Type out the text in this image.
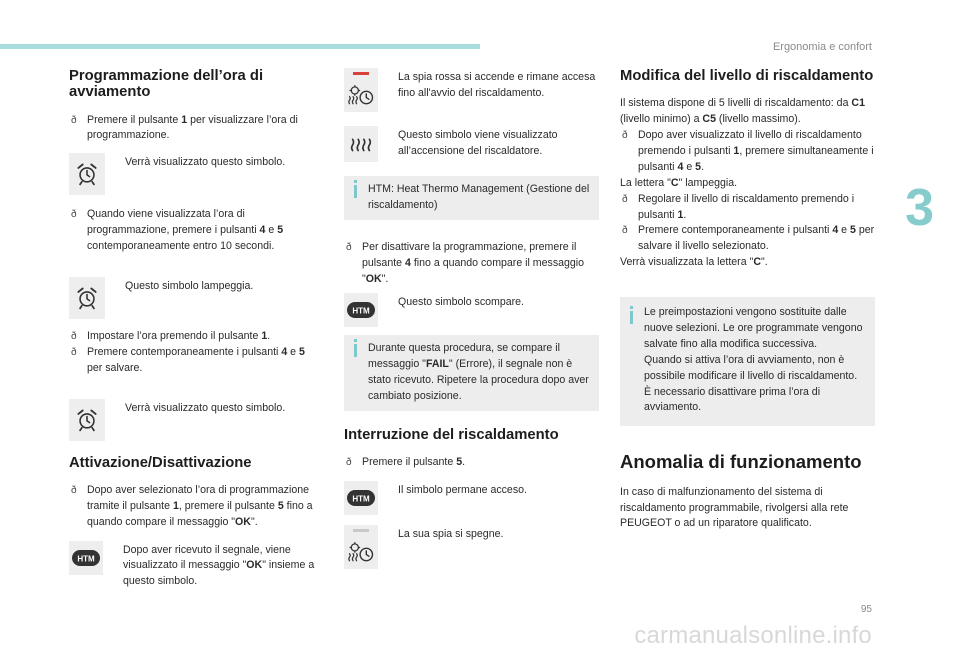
Ergonomia e confort
3
95
carmanualsonline.info
Programmazione dell’ora di avviamento

ð Premere il pulsante 1 per visualizzare l’ora di programmazione.

Verrà visualizzato questo simbolo.

ð Quando viene visualizzata l’ora di programmazione, premere i pulsanti 4 e 5 contemporaneamente entro 10 secondi.

Questo simbolo lampeggia.

ð Impostare l’ora premendo il pulsante 1.

ð Premere contemporaneamente i pulsanti 4 e 5 per salvare.

Verrà visualizzato questo simbolo.

Attivazione/Disattivazione

ð Dopo aver selezionato l’ora di programmazione tramite il pulsante 1, premere il pulsante 5 fino a quando compare il messaggio "OK".

HTM

Dopo aver ricevuto il segnale, viene visualizzato il messaggio "OK" insieme a questo simbolo.

La spia rossa si accende e rimane accesa fino all'avvio del riscaldamento.

Questo simbolo viene visualizzato all’accensione del riscaldatore.

HTM: Heat Thermo Management (Gestione del riscaldamento)

ð Per disattivare la programmazione, premere il pulsante 4 fino a quando compare il messaggio "OK".

HTM

Questo simbolo scompare.

Durante questa procedura, se compare il messaggio "FAIL" (Errore), il segnale non è stato ricevuto. Ripetere la procedura dopo aver cambiato posizione.

Interruzione del riscaldamento

ð Premere il pulsante 5.

HTM

Il simbolo permane acceso.

La sua spia si spegne.

Modifica del livello di riscaldamento

Il sistema dispone di 5 livelli di riscaldamento: da C1 (livello minimo) a C5 (livello massimo).

ð Dopo aver visualizzato il livello di riscaldamento premendo i pulsanti 1, premere simultaneamente i pulsanti 4 e 5.

La lettera "C" lampeggia.

ð Regolare il livello di riscaldamento premendo i pulsanti 1.

ð Premere contemporaneamente i pulsanti 4 e 5 per salvare il livello selezionato.

Verrà visualizzata la lettera "C".

Le preimpostazioni vengono sostituite dalle nuove selezioni. Le ore programmate vengono salvate fino alla modifica successiva.
Quando si attiva l’ora di avviamento, non è possibile modificare il livello di riscaldamento. È necessario disattivare prima l’ora di avviamento.

Anomalia di funzionamento

In caso di malfunzionamento del sistema di riscaldamento programmabile, rivolgersi alla rete PEUGEOT o ad un riparatore qualificato.
